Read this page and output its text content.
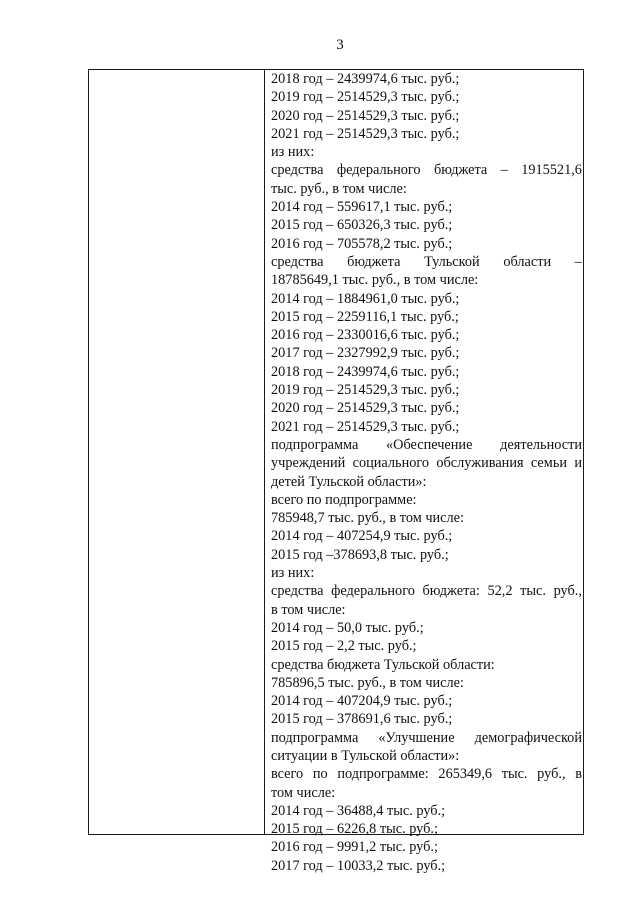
3
2018 год – 2439974,6 тыс. руб.;
2019 год – 2514529,3 тыс. руб.;
2020 год – 2514529,3 тыс. руб.;
2021 год – 2514529,3 тыс. руб.;
из них:
средства федерального бюджета – 1915521,6
тыс. руб., в том числе:
2014 год – 559617,1 тыс. руб.;
2015 год – 650326,3 тыс. руб.;
2016 год – 705578,2 тыс. руб.;
средства бюджета Тульской области –
18785649,1 тыс. руб., в том числе:
2014 год – 1884961,0 тыс. руб.;
2015 год – 2259116,1 тыс. руб.;
2016 год – 2330016,6 тыс. руб.;
2017 год – 2327992,9 тыс. руб.;
2018 год – 2439974,6 тыс. руб.;
2019 год – 2514529,3 тыс. руб.;
2020 год – 2514529,3 тыс. руб.;
2021 год – 2514529,3 тыс. руб.;
подпрограмма «Обеспечение деятельности
учреждений социального обслуживания семьи и
детей Тульской области»:
всего по подпрограмме:
785948,7 тыс. руб., в том числе:
2014 год – 407254,9 тыс. руб.;
2015 год –378693,8 тыс. руб.;
из них:
средства федерального бюджета: 52,2 тыс. руб.,
в том числе:
2014 год – 50,0 тыс. руб.;
2015 год – 2,2 тыс. руб.;
средства бюджета Тульской области:
785896,5 тыс. руб., в том числе:
2014 год – 407204,9 тыс. руб.;
2015 год – 378691,6 тыс. руб.;
подпрограмма «Улучшение демографической
ситуации в Тульской области»:
всего по подпрограмме: 265349,6 тыс. руб., в
том числе:
2014 год – 36488,4 тыс. руб.;
2015 год – 6226,8 тыс. руб.;
2016 год – 9991,2 тыс. руб.;
2017 год – 10033,2 тыс. руб.;
